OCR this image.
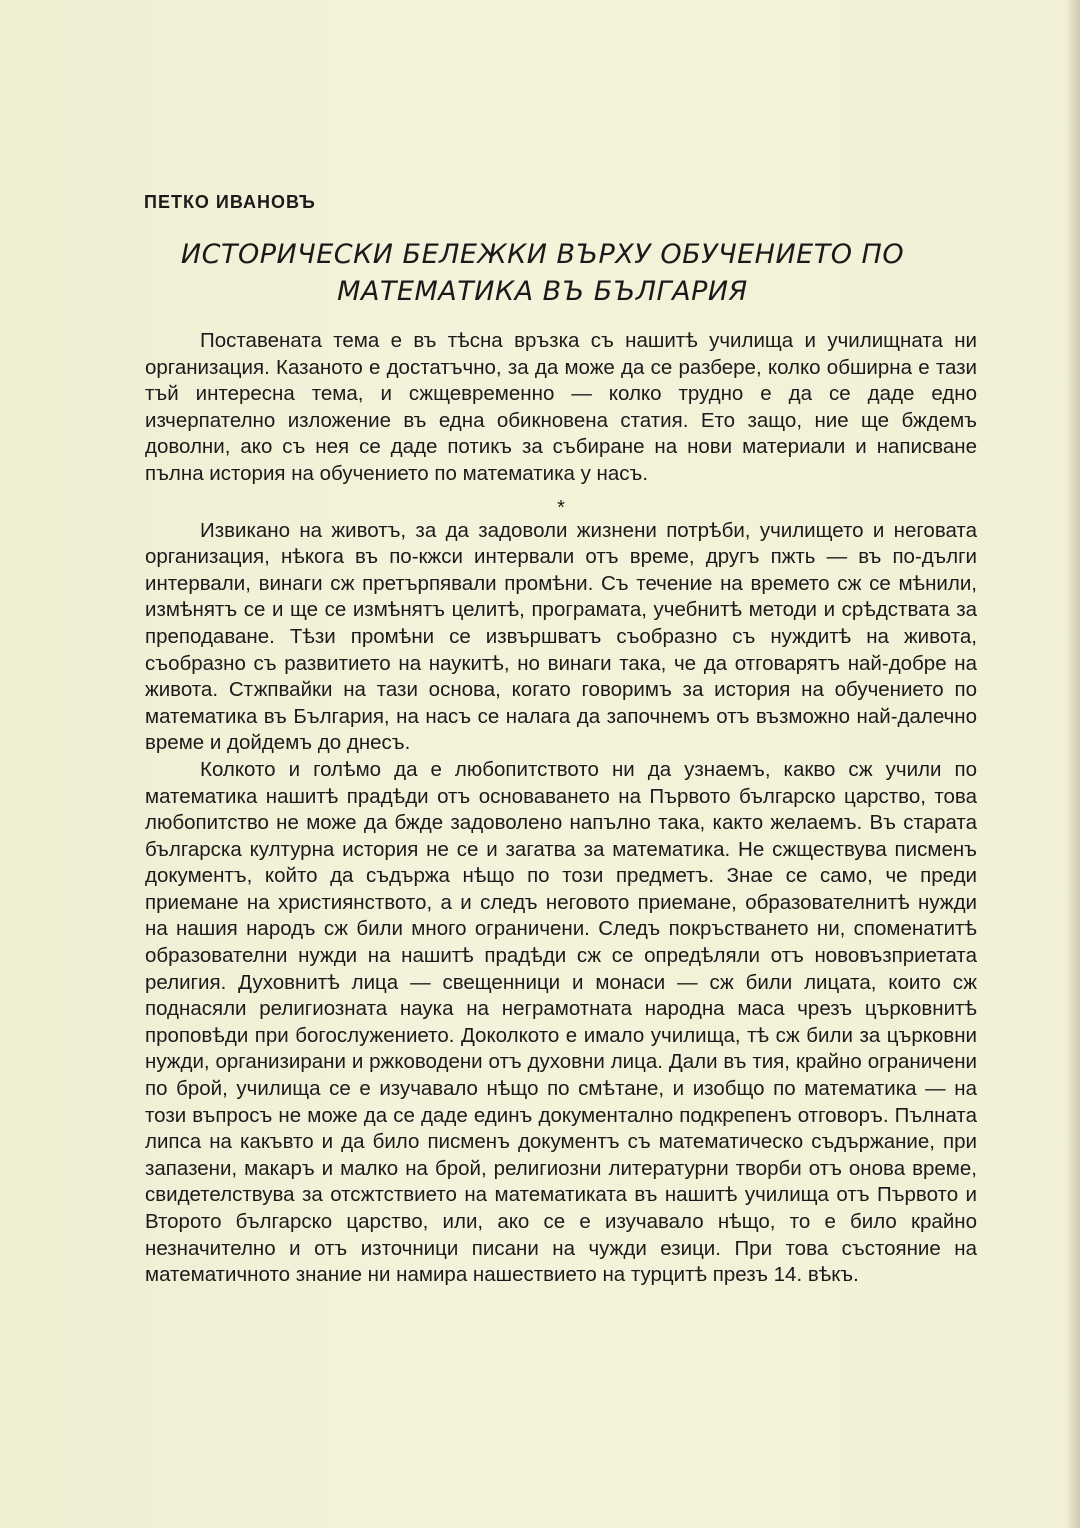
ПЕТКО ИВАНОВЪ
ИСТОРИЧЕСКИ БЕЛЕЖКИ ВЪРХУ ОБУЧЕНИЕТО ПО
МАТЕМАТИКА ВЪ БЪЛГАРИЯ

Поставената тема е въ тѣсна връзка съ нашитѣ училища и училищната ни организация. Казаното е достатъчно, за да може да се разбере, колко обширна е тази тъй интересна тема, и сжщевременно — колко трудно е да се даде едно изчерпателно изложение въ една обикновена статия. Ето защо, ние ще бждемъ доволни, ако съ нея се даде потикъ за събиране на нови материали и написване пълна история на обучението по математика у насъ.

*

Извикано на животъ, за да задоволи жизнени потрѣби, училището и неговата организация, нѣкога въ по-кжси интервали отъ време, другъ пжть — въ по-дълги интервали, винаги сж претърпявали промѣни. Съ течение на времето сж се мѣнили, измѣнятъ се и ще се измѣнятъ целитѣ, програмата, учебнитѣ методи и срѣдствата за преподаване. Тѣзи промѣни се извършватъ съобразно съ нуждитѣ на живота, съобразно съ развитието на наукитѣ, но винаги така, че да отговарятъ най-добре на живота. Стжпвайки на тази основа, когато говоримъ за история на обучението по математика въ България, на насъ се налага да започнемъ отъ възможно най-далечно време и дойдемъ до днесъ.

Колкото и голѣмо да е любопитството ни да узнаемъ, какво сж учили по математика нашитѣ прадѣди отъ основаването на Първото българско царство, това любопитство не може да бжде задоволено напълно така, както желаемъ. Въ старата българска културна история не се и загатва за математика. Не сжществува писменъ документъ, който да съдържа нѣщо по този предметъ. Знае се само, че преди приемане на християнството, а и следъ неговото приемане, образователнитѣ нужди на нашия народъ сж били много ограничени. Следъ покръстването ни, споменатитѣ образователни нужди на нашитѣ прадѣди сж се опредѣляли отъ нововъзприетата религия. Духовнитѣ лица — свещенници и монаси — сж били лицата, които сж поднасяли религиозната наука на неграмотната народна маса чрезъ църковнитѣ проповѣди при богослужението. Доколкото е имало училища, тѣ сж били за църковни нужди, организирани и ржководени отъ духовни лица. Дали въ тия, крайно ограничени по брой, училища се е изучавало нѣщо по смѣтане, и изобщо по математика — на този въпросъ не може да се даде единъ документално подкрепенъ отговоръ. Пълната липса на какъвто и да било писменъ документъ съ математическо съдържание, при запазени, макаръ и малко на брой, религиозни литературни творби отъ онова време, свидетелствува за отсжтствието на математиката въ нашитѣ училища отъ Първото и Второто българско царство, или, ако се е изучавало нѣщо, то е било крайно незначително и отъ източници писани на чужди езици. При това състояние на математичното знание ни намира нашествието на турцитѣ презъ 14. вѣкъ.
